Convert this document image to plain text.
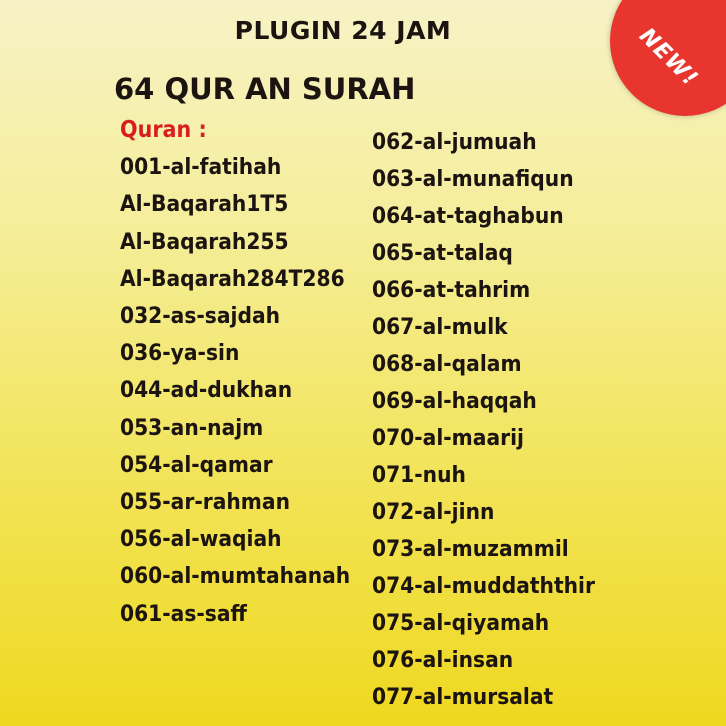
PLUGIN 24 JAM
64 QUR AN SURAH	NEW!
Quran :
001-al-fatihah
Al-Baqarah1T5
Al-Baqarah255
Al-Baqarah284T286
032-as-sajdah
036-ya-sin
044-ad-dukhan
053-an-najm
054-al-qamar
055-ar-rahman
056-al-waqiah
060-al-mumtahanah
061-as-saff
062-al-jumuah
063-al-munafiqun
064-at-taghabun
065-at-talaq
066-at-tahrim
067-al-mulk
068-al-qalam
069-al-haqqah
070-al-maarij
071-nuh
072-al-jinn
073-al-muzammil
074-al-muddaththir
075-al-qiyamah
076-al-insan
077-al-mursalat
